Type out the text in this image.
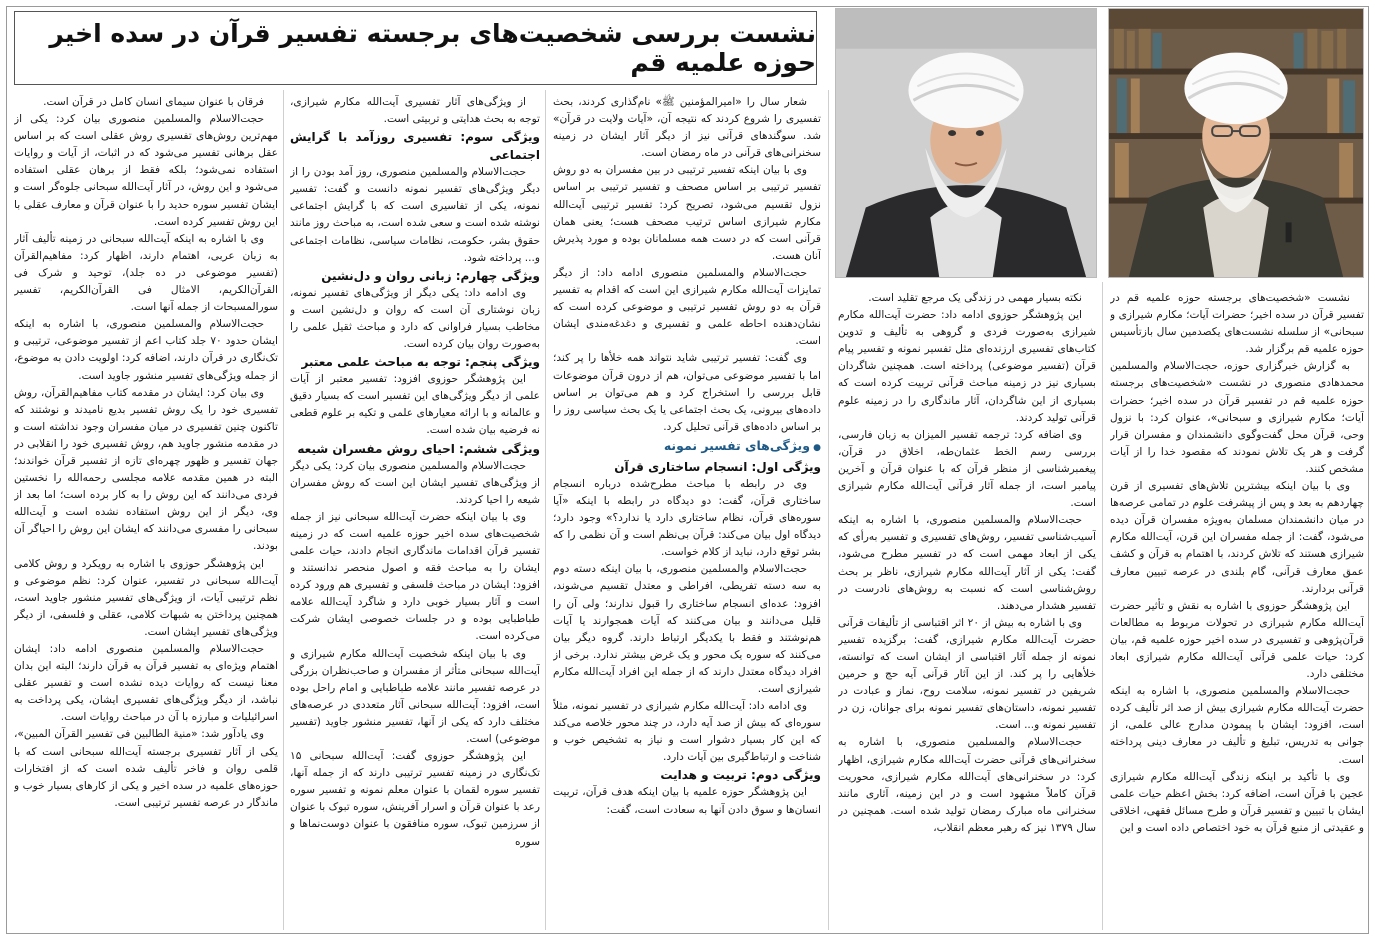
نشست بررسی شخصیت‌های برجسته تفسیر قرآن در سده اخیر حوزه علمیه قم

نشست «شخصیت‌های برجسته حوزه علمیه قم در تفسیر قرآن در سده اخیر؛ حضرات آیات؛ مکارم شیرازی و سبحانی» از سلسله نشست‌های یکصدمین سال بازتأسیس حوزه علمیه قم برگزار شد.

به گزارش خبرگزاری حوزه، حجت‌الاسلام والمسلمین محمدهادی منصوری در نشست «شخصیت‌های برجسته حوزه علمیه قم در تفسیر قرآن در سده اخیر؛ حضرات آیات؛ مکارم شیرازی و سبحانی»، عنوان کرد: با نزول وحی، قرآن محل گفت‌وگوی دانشمندان و مفسران قرار گرفت و هر یک تلاش نمودند که مقصود خدا را از آیات مشخص کنند.

وی با بیان اینکه بیشترین تلاش‌های تفسیری از قرن چهاردهم به بعد و پس از پیشرفت علوم در تمامی عرصه‌ها در میان دانشمندان مسلمان به‌ویژه مفسران قرآن دیده می‌شود، گفت: از جمله مفسران این قرن، آیت‌الله مکارم شیرازی هستند که تلاش کردند، با اهتمام به قرآن و کشف عمق معارف قرآنی، گام بلندی در عرصه تبیین معارف قرآنی بردارند.

این پژوهشگر حوزوی با اشاره به نقش و تأثیر حضرت آیت‌الله مکارم شیرازی در تحولات مربوط به مطالعات قرآن‌پژوهی و تفسیری در سده اخیر حوزه علمیه قم، بیان کرد: حیات علمی قرآنی آیت‌الله مکارم شیرازی ابعاد مختلفی دارد.

حجت‌الاسلام والمسلمین منصوری، با اشاره به اینکه حضرت آیت‌الله مکارم شیرازی بیش از صد اثر تألیف کرده است، افزود: ایشان با پیمودن مدارج عالی علمی، از جوانی به تدریس، تبلیغ و تألیف در معارف دینی پرداخته است.

وی با تأکید بر اینکه زندگی آیت‌الله مکارم شیرازی عجین با قرآن است، اضافه کرد: بخش اعظم حیات علمی ایشان با تبیین و تفسیر قرآن و طرح مسائل فقهی، اخلاقی و عقیدتی از منبع قرآن به خود اختصاص داده است و این

نکته بسیار مهمی در زندگی یک مرجع تقلید است.

این پژوهشگر حوزوی ادامه داد: حضرت آیت‌الله مکارم شیرازی به‌صورت فردی و گروهی به تألیف و تدوین کتاب‌های تفسیری ارزنده‌ای مثل تفسیر نمونه و تفسیر پیام قرآن (تفسیر موضوعی) پرداخته است. همچنین شاگردان بسیاری نیز در زمینه مباحث قرآنی تربیت کرده است که بسیاری از این شاگردان، آثار ماندگاری را در زمینه علوم قرآنی تولید کردند.

وی اضافه کرد: ترجمه تفسیر المیزان به زبان فارسی، بررسی رسم الخط عثمان‌طه، اخلاق در قرآن، پیغمبرشناسی از منظر قرآن که با عنوان قرآن و آخرین پیامبر است، از جمله آثار قرآنی آیت‌الله مکارم شیرازی است.

حجت‌الاسلام والمسلمین منصوری، با اشاره به اینکه آسیب‌شناسی تفسیر، روش‌های تفسیری و تفسیر به‌رأی که یکی از ابعاد مهمی است که در تفسیر مطرح می‌شود، گفت: یکی از آثار آیت‌الله مکارم شیرازی، ناظر بر بحث روش‌شناسی است که نسبت به روش‌های نادرست در تفسیر هشدار می‌دهند.

وی با اشاره به بیش از ۲۰ اثر اقتباسی از تألیفات قرآنی حضرت آیت‌الله مکارم شیرازی، گفت: برگزیده تفسیر نمونه از جمله آثار اقتباسی از ایشان است که توانسته، خلأهایی را پر کند. از این آثار قرآنی آیه حج و حرمین شریفین در تفسیر نمونه، سلامت روح، نماز و عبادت در تفسیر نمونه، داستان‌های تفسیر نمونه برای جوانان، زن در تفسیر نمونه و... است.

حجت‌الاسلام والمسلمین منصوری، با اشاره به سخنرانی‌های قرآنی حضرت آیت‌الله مکارم شیرازی، اظهار کرد: در سخنرانی‌های آیت‌الله مکارم شیرازی، محوریت قرآن کاملاً مشهود است و در این زمینه، آثاری مانند سخنرانی ماه مبارک رمضان تولید شده است. همچنین در سال ۱۳۷۹ نیز که رهبر معظم انقلاب،

شعار سال را «امیرالمؤمنین ﷺ» نام‌گذاری کردند، بحث تفسیری را شروع کردند که نتیجه آن، «آیات ولایت در قرآن» شد. سوگندهای قرآنی نیز از دیگر آثار ایشان در زمینه سخنرانی‌های قرآنی در ماه رمضان است.

وی با بیان اینکه تفسیر ترتیبی در بین مفسران به دو روش تفسیر ترتیبی بر اساس مصحف و تفسیر ترتیبی بر اساس نزول تقسیم می‌شود، تصریح کرد: تفسیر ترتیبی آیت‌الله مکارم شیرازی اساس ترتیب مصحف هست؛ یعنی همان قرآنی است که در دست همه مسلمانان بوده و مورد پذیرش آنان هست.

حجت‌الاسلام والمسلمین منصوری ادامه داد: از دیگر تمایزات آیت‌الله مکارم شیرازی این است که اقدام به تفسیر قرآن به دو روش تفسیر ترتیبی و موضوعی کرده است که نشان‌دهنده احاطه علمی و تفسیری و دغدغه‌مندی ایشان است.

وی گفت: تفسیر ترتیبی شاید نتواند همه خلأها را پر کند؛ اما با تفسیر موضوعی می‌توان، هم از درون قرآن موضوعات قابل بررسی را استخراج کرد و هم می‌توان بر اساس داده‌های بیرونی، یک بحث اجتماعی یا یک بحث سیاسی روز را بر اساس داده‌های قرآنی تحلیل کرد.

● ویژگی‌های تفسیر نمونه
ویژگی اول: انسجام ساختاری قرآن

وی در رابطه با مباحث مطرح‌شده درباره انسجام ساختاری قرآن، گفت: دو دیدگاه در رابطه با اینکه «آیا سوره‌های قرآن، نظام ساختاری دارد یا ندارد؟» وجود دارد؛ دیدگاه اول بیان می‌کند: قرآن بی‌نظم است و آن نظمی را که بشر توقع دارد، نباید از کلام خواست.

حجت‌الاسلام والمسلمین منصوری، با بیان اینکه دسته دوم به سه دسته تفریطی، افراطی و معتدل تقسیم می‌شوند، افزود: عده‌ای انسجام ساختاری را قبول ندارند؛ ولی آن را قلیل می‌دانند و بیان می‌کنند که آیات همجوارند یا آیات هم‌نوشتند و فقط با یکدیگر ارتباط دارند. گروه دیگر بیان می‌کنند که سوره یک محور و یک غرض بیشتر ندارد. برخی از افراد دیدگاه معتدل دارند که از جمله این افراد آیت‌الله مکارم شیرازی است.

وی ادامه داد: آیت‌الله مکارم شیرازی در تفسیر نمونه، مثلاً سوره‌ای که بیش از صد آیه دارد، در چند محور خلاصه می‌کند که این کار بسیار دشوار است و نیاز به تشخیص خوب و شناخت و ارتباط‌گیری بین آیات دارد.

ویژگی دوم: تربیت و هدایت

این پژوهشگر حوزه علمیه با بیان اینکه هدف قرآن، تربیت انسان‌ها و سوق دادن آنها به سعادت است، گفت:

از ویژگی‌های آثار تفسیری آیت‌الله مکارم شیرازی، توجه به بحث هدایتی و تربیتی است.

ویژگی سوم: تفسیری روزآمد با گرایش اجتماعی

حجت‌الاسلام والمسلمین منصوری، روز آمد بودن را از دیگر ویژگی‌های تفسیر نمونه دانست و گفت: تفسیر نمونه، یکی از تفاسیری است که با گرایش اجتماعی نوشته شده است و سعی شده است، به مباحث روز مانند حقوق بشر، حکومت، نظامات سیاسی، نظامات اجتماعی و... پرداخته شود.

ویژگی چهارم: زبانی روان و دل‌نشین

وی ادامه داد: یکی دیگر از ویژگی‌های تفسیر نمونه، زبان نوشتاری آن است که روان و دل‌نشین است و مخاطب بسیار فراوانی که دارد و مباحث ثقیل علمی را به‌صورت روان بیان کرده است.

ویژگی پنجم: توجه به مباحث علمی معتبر

این پژوهشگر حوزوی افزود: تفسیر معتبر از آیات علمی از دیگر ویژگی‌های این تفسیر است که بسیار دقیق و عالمانه و با ارائه معیارهای علمی و تکیه بر علوم قطعی نه فرضیه بیان شده است.

ویژگی ششم: احیای روش مفسران شیعه

حجت‌الاسلام والمسلمین منصوری بیان کرد: یکی دیگر از ویژگی‌های تفسیر ایشان این است که روش مفسران شیعه را احیا کردند.

وی با بیان اینکه حضرت آیت‌الله سبحانی نیز از جمله شخصیت‌های سده اخیر حوزه علمیه است که در زمینه تفسیر قرآن اقدامات ماندگاری انجام دادند، حیات علمی ایشان را به مباحث فقه و اصول منحصر ندانستند و افزود: ایشان در مباحث فلسفی و تفسیری هم ورود کرده است و آثار بسیار خوبی دارد و شاگرد آیت‌الله علامه طباطبایی بوده و در جلسات خصوصی ایشان شرکت می‌کرده است.

وی با بیان اینکه شخصیت آیت‌الله مکارم شیرازی و آیت‌الله سبحانی متأثر از مفسران و صاحب‌نظران بزرگی در عرصه تفسیر مانند علامه طباطبایی و امام راحل بوده است، افزود: آیت‌الله سبحانی آثار متعددی در عرصه‌های مختلف دارد که یکی از آنها، تفسیر منشور جاوید (تفسیر موضوعی) است.

این پژوهشگر حوزوی گفت: آیت‌الله سبحانی ۱۵ تک‌نگاری در زمینه تفسیر ترتیبی دارند که از جمله آنها، تفسیر سوره لقمان با عنوان معلم نمونه و تفسیر سوره رعد با عنوان قرآن و اسرار آفرینش، سوره تبوک با عنوان از سرزمین تبوک، سوره منافقون با عنوان دوست‌نماها و سوره

فرقان با عنوان سیمای انسان کامل در قرآن است.

حجت‌الاسلام والمسلمین منصوری بیان کرد: یکی از مهم‌ترین روش‌های تفسیری روش عقلی است که بر اساس عقل برهانی تفسیر می‌شود که در اثبات، از آیات و روایات استفاده نمی‌شود؛ بلکه فقط از برهان عقلی استفاده می‌شود و این روش، در آثار آیت‌الله سبحانی جلوه‌گر است و ایشان تفسیر سوره حدید را با عنوان قرآن و معارف عقلی با این روش تفسیر کرده است.

وی با اشاره به اینکه آیت‌الله سبحانی در زمینه تألیف آثار به زبان عربی، اهتمام دارند، اظهار کرد: مفاهیم‌القرآن (تفسیر موضوعی در ده جلد)، توحید و شرک فی القرآن‌الکریم، الامثال فی القرآن‌الکریم، تفسیر سورالمسبحات از جمله آنها است.

حجت‌الاسلام والمسلمین منصوری، با اشاره به اینکه ایشان حدود ۷۰ جلد کتاب اعم از تفسیر موضوعی، ترتیبی و تک‌نگاری در قرآن دارند، اضافه کرد: اولویت دادن به موضوع، از جمله ویژگی‌های تفسیر منشور جاوید است.

وی بیان کرد: ایشان در مقدمه کتاب مفاهیم‌القرآن، روش تفسیری خود را یک روش تفسیر بدیع نامیدند و نوشتند که تاکنون چنین تفسیری در میان مفسران وجود نداشته است و در مقدمه منشور جاوید هم، روش تفسیری خود را انقلابی در جهان تفسیر و ظهور چهره‌ای تازه از تفسیر قرآن خواندند؛ البته در همین مقدمه علامه مجلسی رحمه‌الله را نخستین فردی می‌دانند که این روش را به کار برده است؛ اما بعد از وی، دیگر از این روش استفاده نشده است و آیت‌الله سبحانی را مفسری می‌دانند که ایشان این روش را احیاگر آن بودند.

این پژوهشگر حوزوی با اشاره به رویکرد و روش کلامی آیت‌الله سبحانی در تفسیر، عنوان کرد: نظم موضوعی و نظم ترتیبی آیات، از ویژگی‌های تفسیر منشور جاوید است، همچنین پرداختن به شبهات کلامی، عقلی و فلسفی، از دیگر ویژگی‌های تفسیر ایشان است.

حجت‌الاسلام والمسلمین منصوری ادامه داد: ایشان اهتمام ویژه‌ای به تفسیر قرآن به قرآن دارند؛ البته این بدان معنا نیست که روایات دیده نشده است و تفسیر عقلی نباشد، از دیگر ویژگی‌های تفسیری ایشان، یکی پرداخت به اسرائیلیات و مبارزه با آن در مباحث روایات است.

وی یادآور شد: «منیة الطالبین فی تفسیر القرآن المبین»، یکی از آثار تفسیری برجسته آیت‌الله سبحانی است که با قلمی روان و فاخر تألیف شده است که از افتخارات حوزه‌های علمیه در سده اخیر و یکی از کارهای بسیار خوب و ماندگار در عرصه تفسیر ترتیبی است.
